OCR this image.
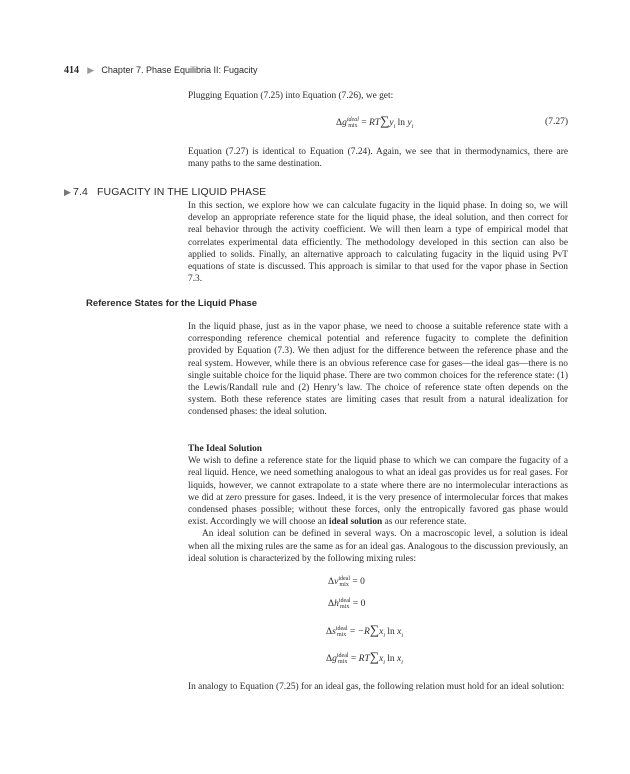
414 ▶ Chapter 7. Phase Equilibria II: Fugacity

Plugging Equation (7.25) into Equation (7.26), we get:

Δgideal
mix = $RT\sum y_i$ $\ln y_i$	(7.27)

Equation (7.27) is identical to Equation (7.24). Again, we see that in thermodynamics, there are many paths to the same destination.

▶ 7.4 FUGACITY IN THE LIQUID PHASE

In this section, we explore how we can calculate fugacity in the liquid phase. In doing so, we will develop an appropriate reference state for the liquid phase, the ideal solution, and then correct for real behavior through the activity coefficient. We will then learn a type of empirical model that correlates experimental data efficiently. The methodology developed in this section can also be applied to solids. Finally, an alternative approach to calculating fugacity in the liquid using PvT equations of state is discussed. This approach is similar to that used for the vapor phase in Section 7.3.

Reference States for the Liquid Phase

In the liquid phase, just as in the vapor phase, we need to choose a suitable reference state with a corresponding reference chemical potential and reference fugacity to complete the definition provided by Equation (7.3). We then adjust for the difference between the reference phase and the real system. However, while there is an obvious reference case for gases—the ideal gas—there is no single suitable choice for the liquid phase. There are two common choices for the reference state: (1) the Lewis/Randall rule and (2) Henry’s law. The choice of reference state often depends on the system. Both these reference states are limiting cases that result from a natural idealization for condensed phases: the ideal solution.

The Ideal Solution

We wish to define a reference state for the liquid phase to which we can compare the fugacity of a real liquid. Hence, we need something analogous to what an ideal gas provides us for real gases. For liquids, however, we cannot extrapolate to a state where there are no intermolecular interactions as we did at zero pressure for gases. Indeed, it is the very presence of intermolecular forces that makes condensed phases possible; without these forces, only the entropically favored gas phase would exist. Accordingly we will choose an ideal solution as our reference state.

An ideal solution can be defined in several ways. On a macroscopic level, a solution is ideal when all the mixing rules are the same as for an ideal gas. Analogous to the discussion previously, an ideal solution is characterized by the following mixing rules:

Δvideal
mix = 0
Δhideal
mix = 0
Δsideal
mix = $-R\sum x_i$ $\ln x_i$
Δgideal
mix = $RT\sum x_i$ $\ln x_i$

In analogy to Equation (7.25) for an ideal gas, the following relation must hold for an ideal solution:
